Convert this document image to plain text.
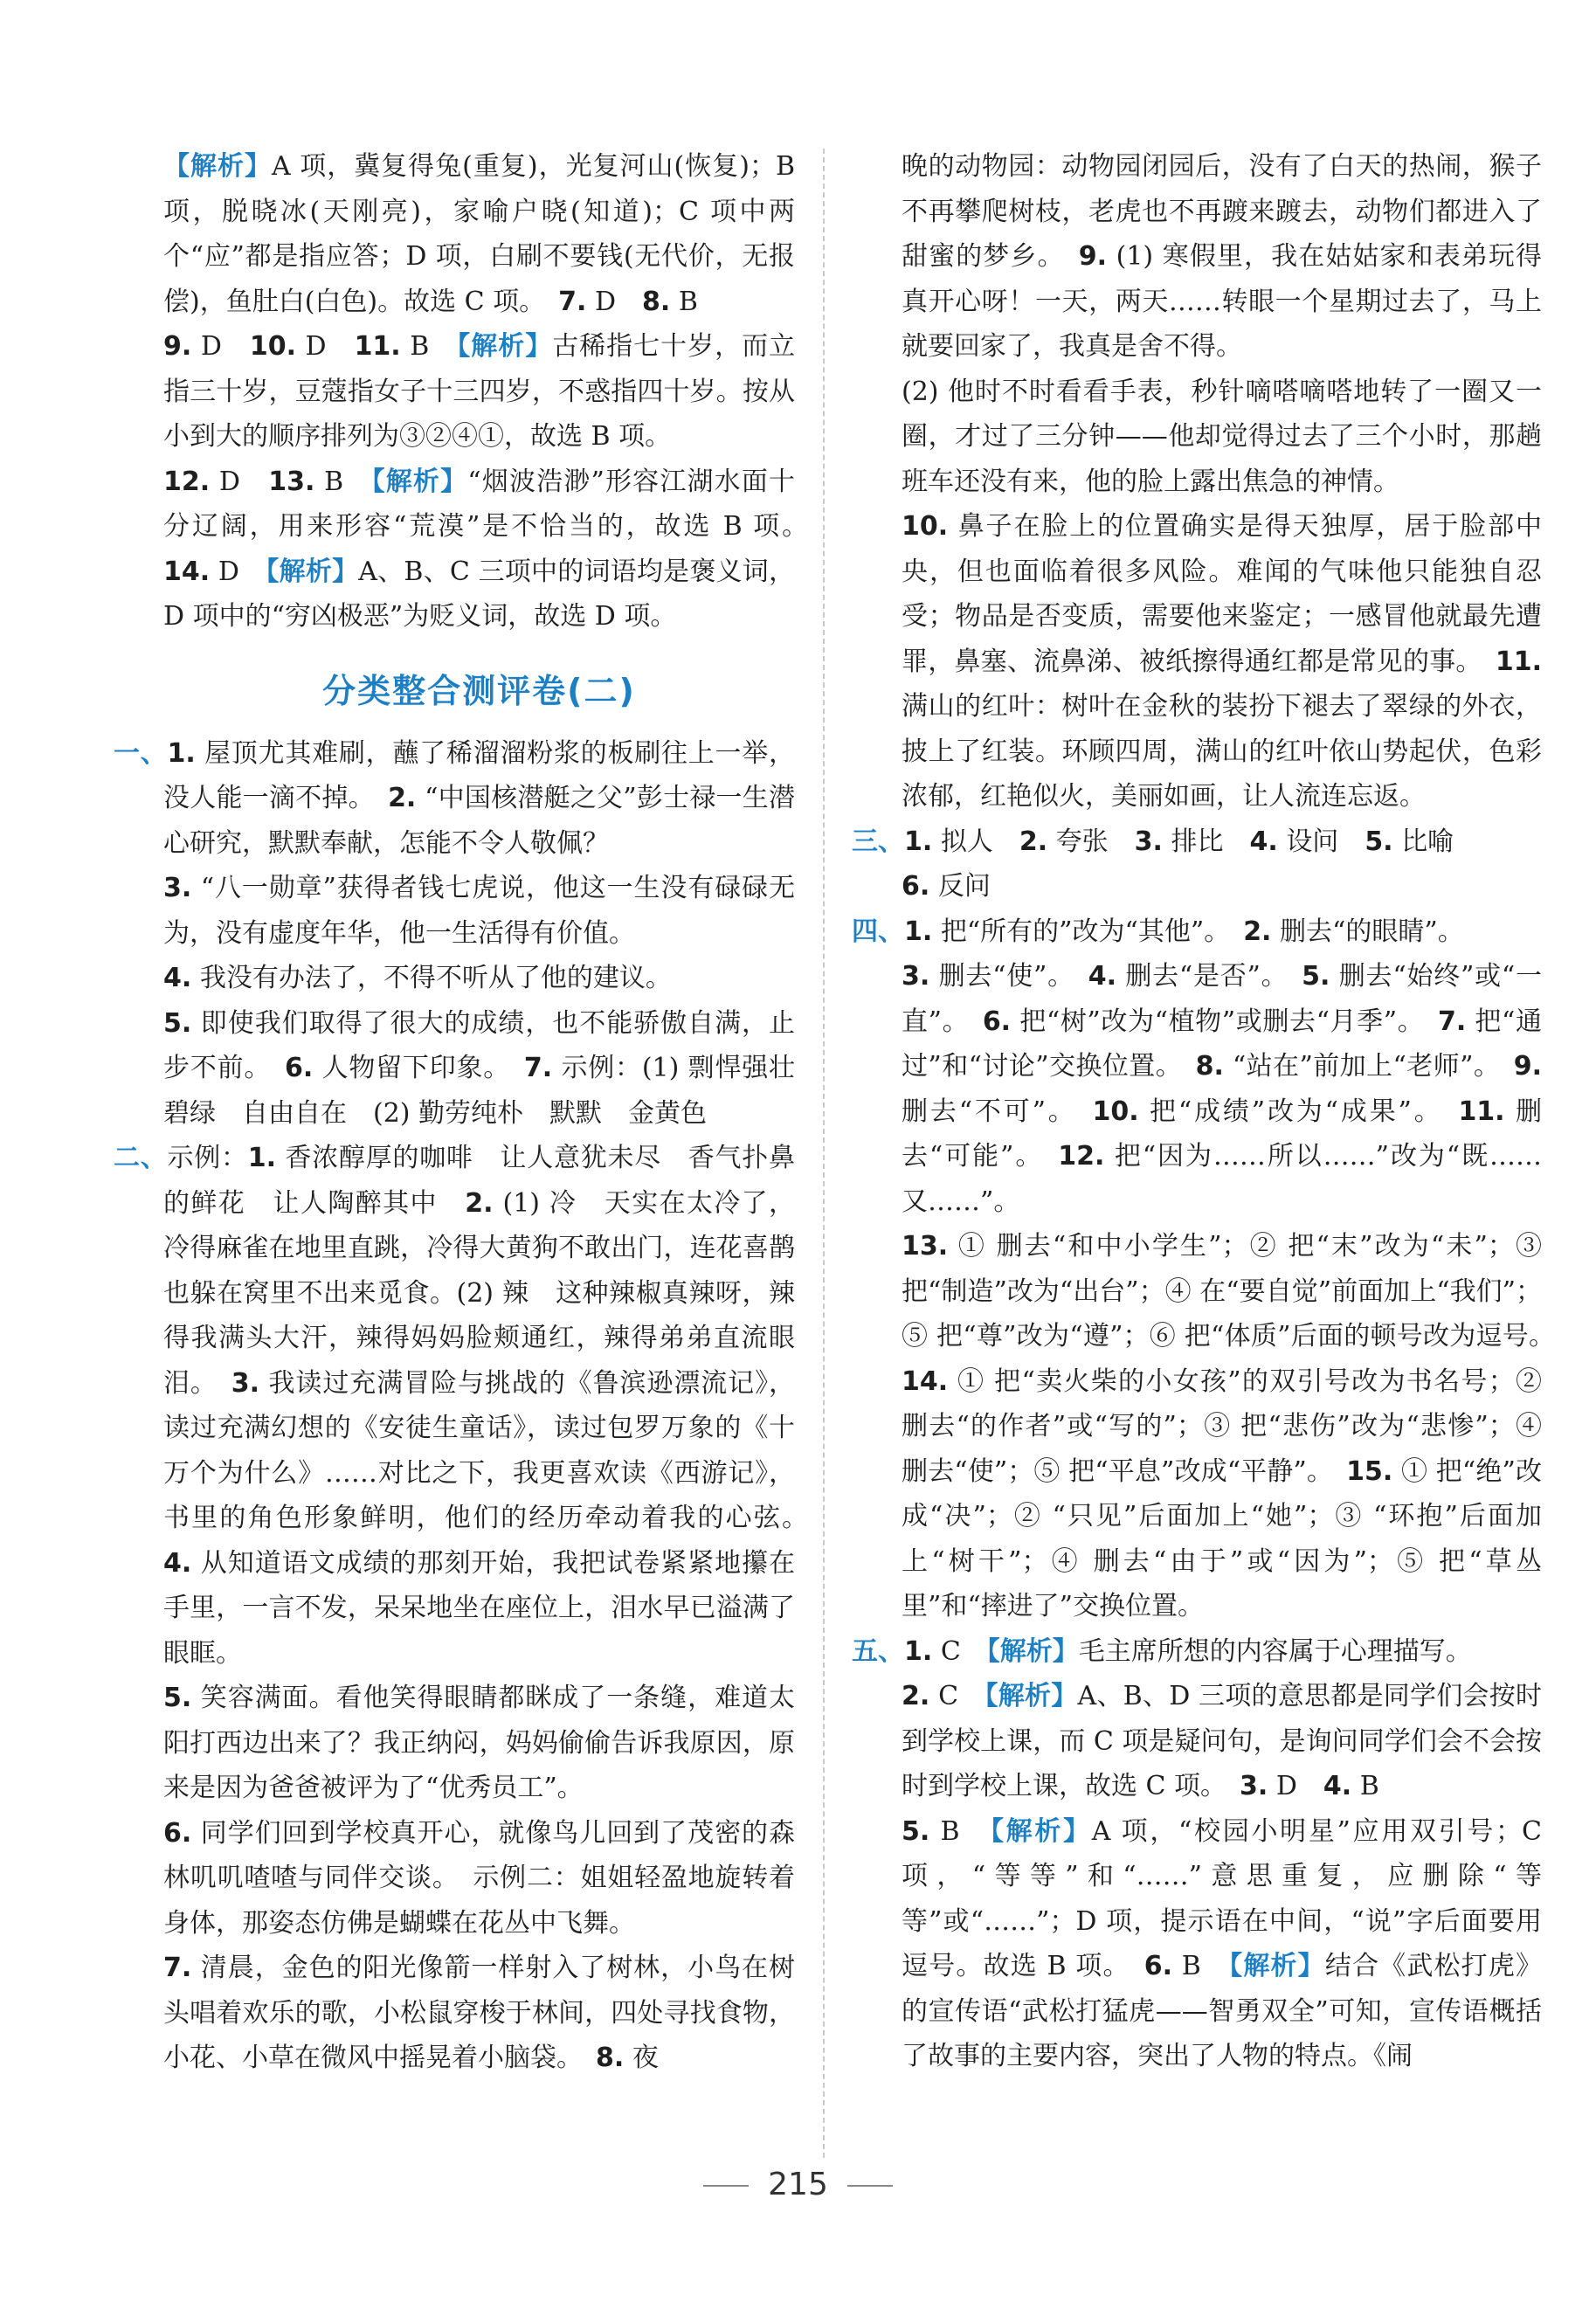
【解析】A 项，冀复得兔(重复)，光复河山(恢复)；B 项，脱晓冰(天刚亮)，家喻户晓(知道)；C 项中两个“应”都是指应答；D 项，白刷不要钱(无代价，无报偿)，鱼肚白(白色)。故选 C 项。　 7. D　 8. B

9. D　 10. D　 11. B　 【解析】古稀指七十岁，而立指三十岁，豆蔻指女子十三四岁，不惑指四十岁。按从小到大的顺序排列为③②④①，故选 B 项。

12. D　 13. B　 【解析】“烟波浩渺”形容江湖水面十分辽阔，用来形容“荒漠”是不恰当的，故选 B 项。　14. D　 【解析】A、B、C 三项中的词语均是褒义词，D 项中的“穷凶极恶”为贬义词，故选 D 项。

分类整合测评卷(二)

一、1. 屋顶尤其难刷，蘸了稀溜溜粉浆的板刷往上一举，没人能一滴不掉。　 2. “中国核潜艇之父”彭士禄一生潜心研究，默默奉献，怎能不令人敬佩？

3. “八一勋章”获得者钱七虎说，他这一生没有碌碌无为，没有虚度年华，他一生活得有价值。

4. 我没有办法了，不得不听从了他的建议。

5. 即使我们取得了很大的成绩，也不能骄傲自满，止步不前。　 6. 人物留下印象。　 7. 示例：(1) 剽悍强壮　碧绿　自由自在　(2) 勤劳纯朴　默默　金黄色

二、示例：1. 香浓醇厚的咖啡　让人意犹未尽　香气扑鼻的鲜花　让人陶醉其中　 2. (1) 冷　天实在太冷了，冷得麻雀在地里直跳，冷得大黄狗不敢出门，连花喜鹊也躲在窝里不出来觅食。(2) 辣　这种辣椒真辣呀，辣得我满头大汗，辣得妈妈脸颊通红，辣得弟弟直流眼泪。　 3. 我读过充满冒险与挑战的《鲁滨逊漂流记》，读过充满幻想的《安徒生童话》，读过包罗万象的《十万个为什么》……对比之下，我更喜欢读《西游记》，书里的角色形象鲜明，他们的经历牵动着我的心弦。　4. 从知道语文成绩的那刻开始，我把试卷紧紧地攥在手里，一言不发，呆呆地坐在座位上，泪水早已溢满了眼眶。

5. 笑容满面。看他笑得眼睛都眯成了一条缝，难道太阳打西边出来了？我正纳闷，妈妈偷偷告诉我原因，原来是因为爸爸被评为了“优秀员工”。

6. 同学们回到学校真开心，就像鸟儿回到了茂密的森林叽叽喳喳与同伴交谈。　示例二：姐姐轻盈地旋转着身体，那姿态仿佛是蝴蝶在花丛中飞舞。

7. 清晨，金色的阳光像箭一样射入了树林，小鸟在树头唱着欢乐的歌，小松鼠穿梭于林间，四处寻找食物，小花、小草在微风中摇晃着小脑袋。　 8. 夜

晚的动物园：动物园闭园后，没有了白天的热闹，猴子不再攀爬树枝，老虎也不再踱来踱去，动物们都进入了甜蜜的梦乡。　 9. (1) 寒假里，我在姑姑家和表弟玩得真开心呀！一天，两天……转眼一个星期过去了，马上就要回家了，我真是舍不得。

(2) 他时不时看看手表，秒针嘀嗒嘀嗒地转了一圈又一圈，才过了三分钟——他却觉得过去了三个小时，那趟班车还没有来，他的脸上露出焦急的神情。

10. 鼻子在脸上的位置确实是得天独厚，居于脸部中央，但也面临着很多风险。难闻的气味他只能独自忍受；物品是否变质，需要他来鉴定；一感冒他就最先遭罪，鼻塞、流鼻涕、被纸擦得通红都是常见的事。　 11. 满山的红叶：树叶在金秋的装扮下褪去了翠绿的外衣，披上了红装。环顾四周，满山的红叶依山势起伏，色彩浓郁，红艳似火，美丽如画，让人流连忘返。

三、1. 拟人　 2. 夸张　 3. 排比　 4. 设问　 5. 比喻

6. 反问

四、1. 把“所有的”改为“其他”。　 2. 删去“的眼睛”。

3. 删去“使”。　 4. 删去“是否”。　 5. 删去“始终”或“一直”。　 6. 把“树”改为“植物”或删去“月季”。　 7. 把“通过”和“讨论”交换位置。　 8. “站在”前加上“老师”。　 9. 删去“不可”。　 10. 把“成绩”改为“成果”。　 11. 删去“可能”。　 12. 把“因为……所以……”改为“既……又……”。

13. ① 删去“和中小学生”；② 把“末”改为“未”；③ 把“制造”改为“出台”；④ 在“要自觉”前面加上“我们”；⑤ 把“尊”改为“遵”；⑥ 把“体质”后面的顿号改为逗号。　14. ① 把“卖火柴的小女孩”的双引号改为书名号；② 删去“的作者”或“写的”；③ 把“悲伤”改为“悲惨”；④ 删去“使”；⑤ 把“平息”改成“平静”。　 15. ① 把“绝”改成“决”；② “只见”后面加上“她”；③ “环抱”后面加上“树干”；④ 删去“由于”或“因为”；⑤ 把“草丛里”和“摔进了”交换位置。

五、1. C　 【解析】毛主席所想的内容属于心理描写。

2. C　 【解析】A、B、D 三项的意思都是同学们会按时到学校上课，而 C 项是疑问句，是询问同学们会不会按时到学校上课，故选 C 项。　 3. D　 4. B

5. B　 【解析】A 项，“校园小明星”应用双引号；C 项，“等等”和“……”意思重复，应删除“等等”或“……”；D 项，提示语在中间，“说”字后面要用逗号。故选 B 项。　 6. B　 【解析】结合《武松打虎》的宣传语“武松打猛虎——智勇双全”可知，宣传语概括了故事的主要内容，突出了人物的特点。《闹

215
